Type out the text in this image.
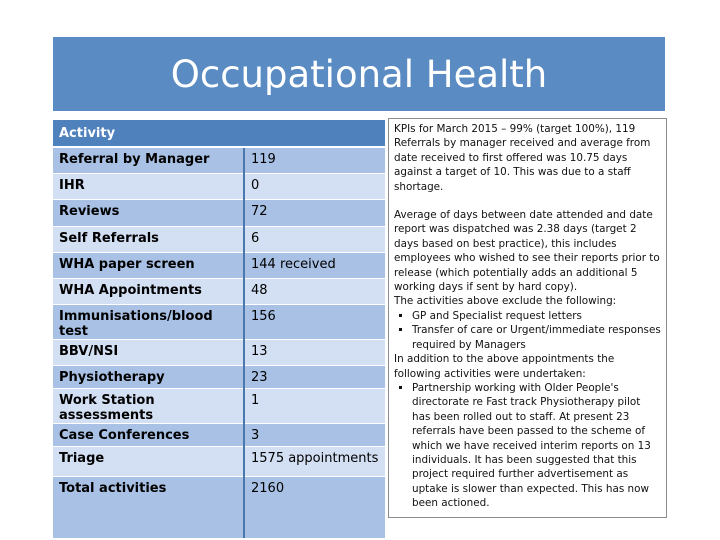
Occupational Health
Activity	
Referral by Manager	119
IHR	0
Reviews	72
Self Referrals	6
WHA paper screen	144 received
WHA Appointments	48
Immunisations/blood test	156
BBV/NSI	13
Physiotherapy	23
Work Station assessments	1
Case Conferences	3
Triage	1575 appointments
Total activities	2160

KPIs for March 2015 – 99% (target 100%), 119 Referrals by manager received and average from date received to first offered was 10.75 days against a target of 10. This was due to a staff shortage.

Average of days between date attended and date report was dispatched was 2.38 days (target 2 days based on best practice), this includes employees who wished to see their reports prior to release (which potentially adds an additional 5 working days if sent by hard copy).

The activities above exclude the following:

▪ GP and Specialist request letters
▪ Transfer of care or Urgent/immediate responses required by Managers

In addition to the above appointments the following activities were undertaken:

▪ Partnership working with Older People's directorate re Fast track Physiotherapy pilot has been rolled out to staff. At present 23 referrals have been passed to the scheme of which we have received interim reports on 13 individuals. It has been suggested that this project required further advertisement as uptake is slower than expected. This has now been actioned.
